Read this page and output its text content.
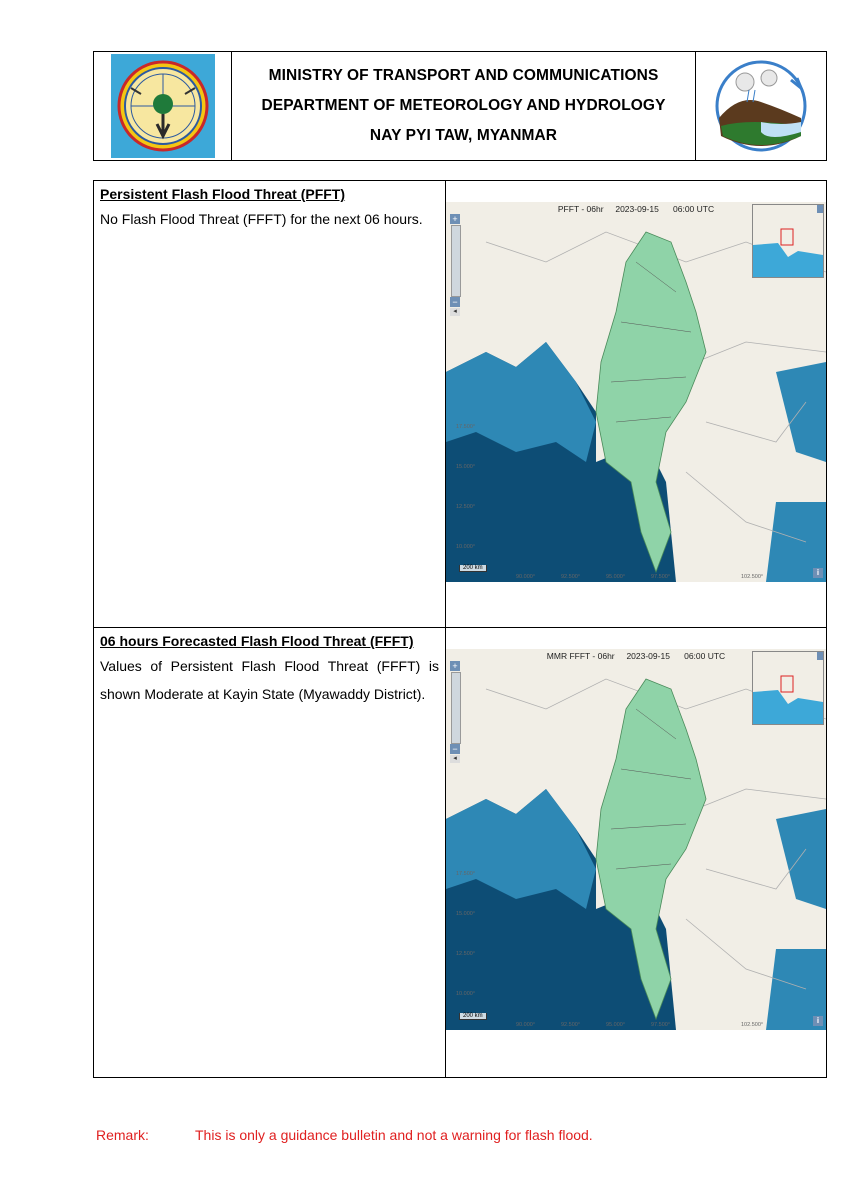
MINISTRY OF TRANSPORT AND COMMUNICATIONS
DEPARTMENT OF METEOROLOGY AND HYDROLOGY
NAY PYI TAW, MYANMAR

Persistent Flash Flood Threat (PFFT)

No Flash Flood Threat (FFFT) for the next 06 hours.

PFFT - 06hr     2023-09-15      06:00 UTC
+
−
◂
17.500°
15.000°
12.500°
10.000°
90.000°	92.500°	95.000°	97.500°	102.500°
200 km	i

06 hours Forecasted Flash Flood Threat (FFFT)

Values of Persistent Flash Flood Threat (FFFT) is shown Moderate at Kayin State (Myawaddy District).

MMR FFFT - 06hr     2023-09-15      06:00 UTC
+
−
◂
17.500°
15.000°
12.500°
10.000°
90.000°	92.500°	95.000°	97.500°	102.500°
200 km	i
Remark:	This is only a guidance bulletin and not a warning for flash flood.
